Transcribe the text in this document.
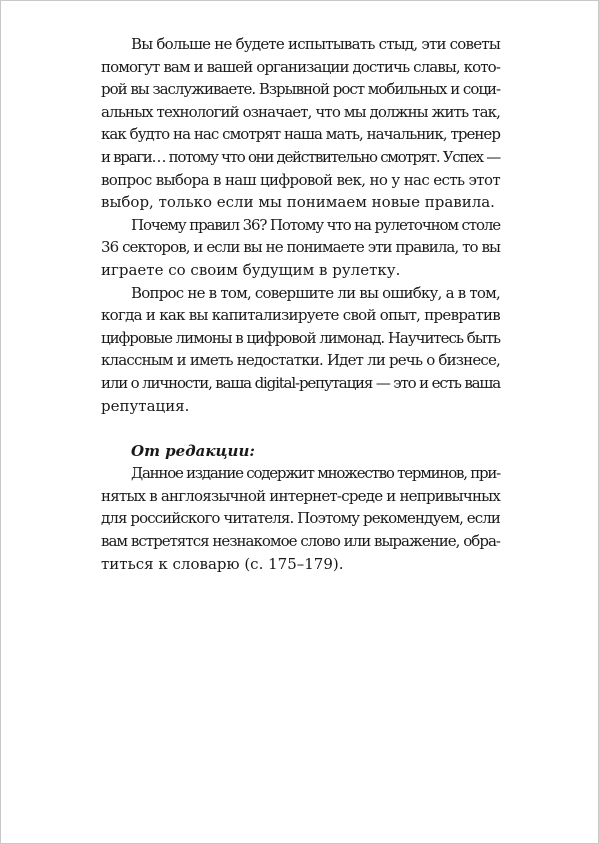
Вы больше не будете испытывать стыд, эти советы
помогут вам и вашей организации достичь славы, кото-
рой вы заслуживаете. Взрывной рост мобильных и соци-
альных технологий означает, что мы должны жить так,
как будто на нас смотрят наша мать, начальник, тренер
и враги… потому что они действительно смотрят. Успех —
вопрос выбора в наш цифровой век, но у нас есть этот
выбор, только если мы понимаем новые правила.
Почему правил 36? Потому что на рулеточном столе
36 секторов, и если вы не понимаете эти правила, то вы
играете со своим будущим в рулетку.
Вопрос не в том, совершите ли вы ошибку, а в том,
когда и как вы капитализируете свой опыт, превратив
цифровые лимоны в цифровой лимонад. Научитесь быть
классным и иметь недостатки. Идет ли речь о бизнесе,
или о личности, ваша digital-репутация — это и есть ваша
репутация.
От редакции:
Данное издание содержит множество терминов, при-
нятых в англоязычной интернет-среде и непривычных
для российского читателя. Поэтому рекомендуем, если
вам встретятся незнакомое слово или выражение, обра-
титься к словарю (с. 175–179).
